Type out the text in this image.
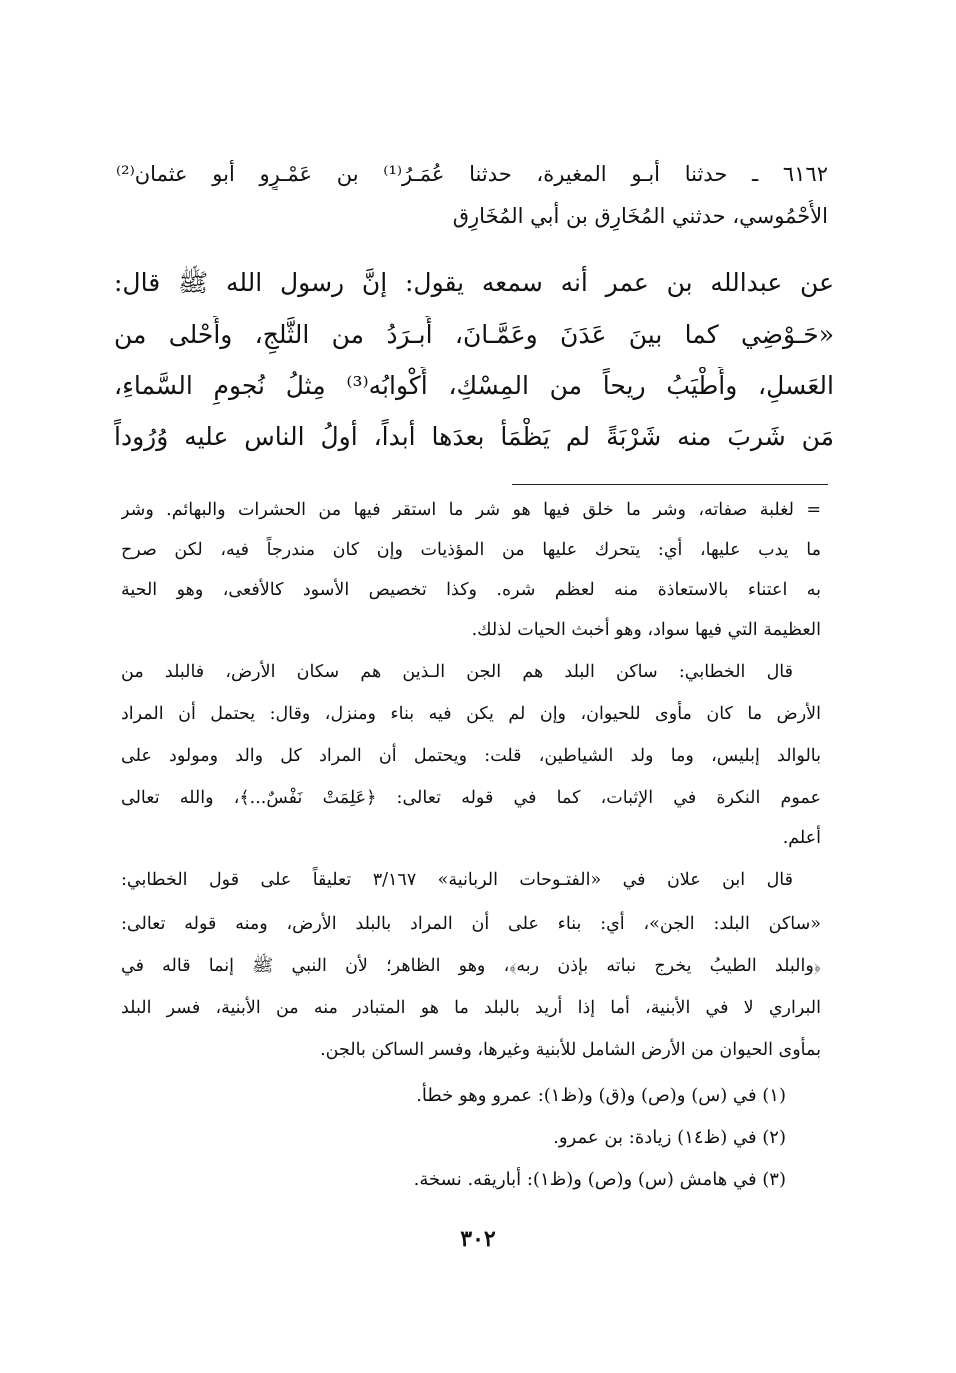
٦١٦٢ ـ حدثنا أبـو المغيرة، حدثنا عُمَـرُ⁽¹⁾ بن عَمْـرٍو أبو عثمان⁽²⁾
الأُحْمُوسي، حدثني المُخَارِق بن أبي المُخَارِق
عن عبدالله بن عمر أنه سمعه يقول: إنَّ رسول الله ﷺ قال:
«حَـوْضِي كما بينَ عَدَنَ وعَمَّـانَ، أَبـرَدُ من الثَّلجِ، وأَحْلى من
العَسلِ، وأَطْيَبُ ريحاً من المِسْكِ، أَكْوابُه⁽³⁾ مِثلُ نُجومِ السَّماءِ،
مَن شَربَ منه شَرْبَةً لم يَظْمَأْ بعدَها أبداً، أولُ الناس عليه وُرُوداً
= لغلبة صفاته، وشر ما خلق فيها هو شر ما استقر فيها من الحشرات والبهائم. وشر
ما يدب عليها، أي: يتحرك عليها من المؤذيات وإن كان مندرجاً فيه، لكن صرح
به اعتناء بالاستعاذة منه لعظم شره. وكذا تخصيص الأسود كالأفعى، وهو الحية
العظيمة التي فيها سواد، وهو أخبث الحيات لذلك.
قال الخطابي: ساكن البلد هم الجن الـذين هم سكان الأرض، فالبلد من
الأرض ما كان مأوى للحيوان، وإن لم يكن فيه بناء ومنزل، وقال: يحتمل أن المراد
بالوالد إبليس، وما ولد الشياطين، قلت: ويحتمل أن المراد كل والد ومولود على
عموم النكرة في الإثبات، كما في قوله تعالى: ﴿عَلِمَتْ نَفْسٌ...﴾، والله تعالى
أعلم.
قال ابن علان في «الفتـوحات الربانية» ٣/١٦٧ تعليقاً على قول الخطابي:
«ساكن البلد: الجن»، أي: بناء على أن المراد بالبلد الأرض، ومنه قوله تعالى:
﴿والبلد الطيبُ يخرج نباته بإذن ربه﴾، وهو الظاهر؛ لأن النبي ﷺ إنما قاله في
البراري لا في الأبنية، أما إذا أريد بالبلد ما هو المتبادر منه من الأبنية، فسر البلد
بمأوى الحيوان من الأرض الشامل للأبنية وغيرها، وفسر الساكن بالجن.
(١) في (س) و(ص) و(ق) و(ظ١): عمرو وهو خطأ.
(٢) في (ظ١٤) زيادة: بن عمرو.
(٣) في هامش (س) و(ص) و(ظ١): أباريقه. نسخة.
٣٠٢
